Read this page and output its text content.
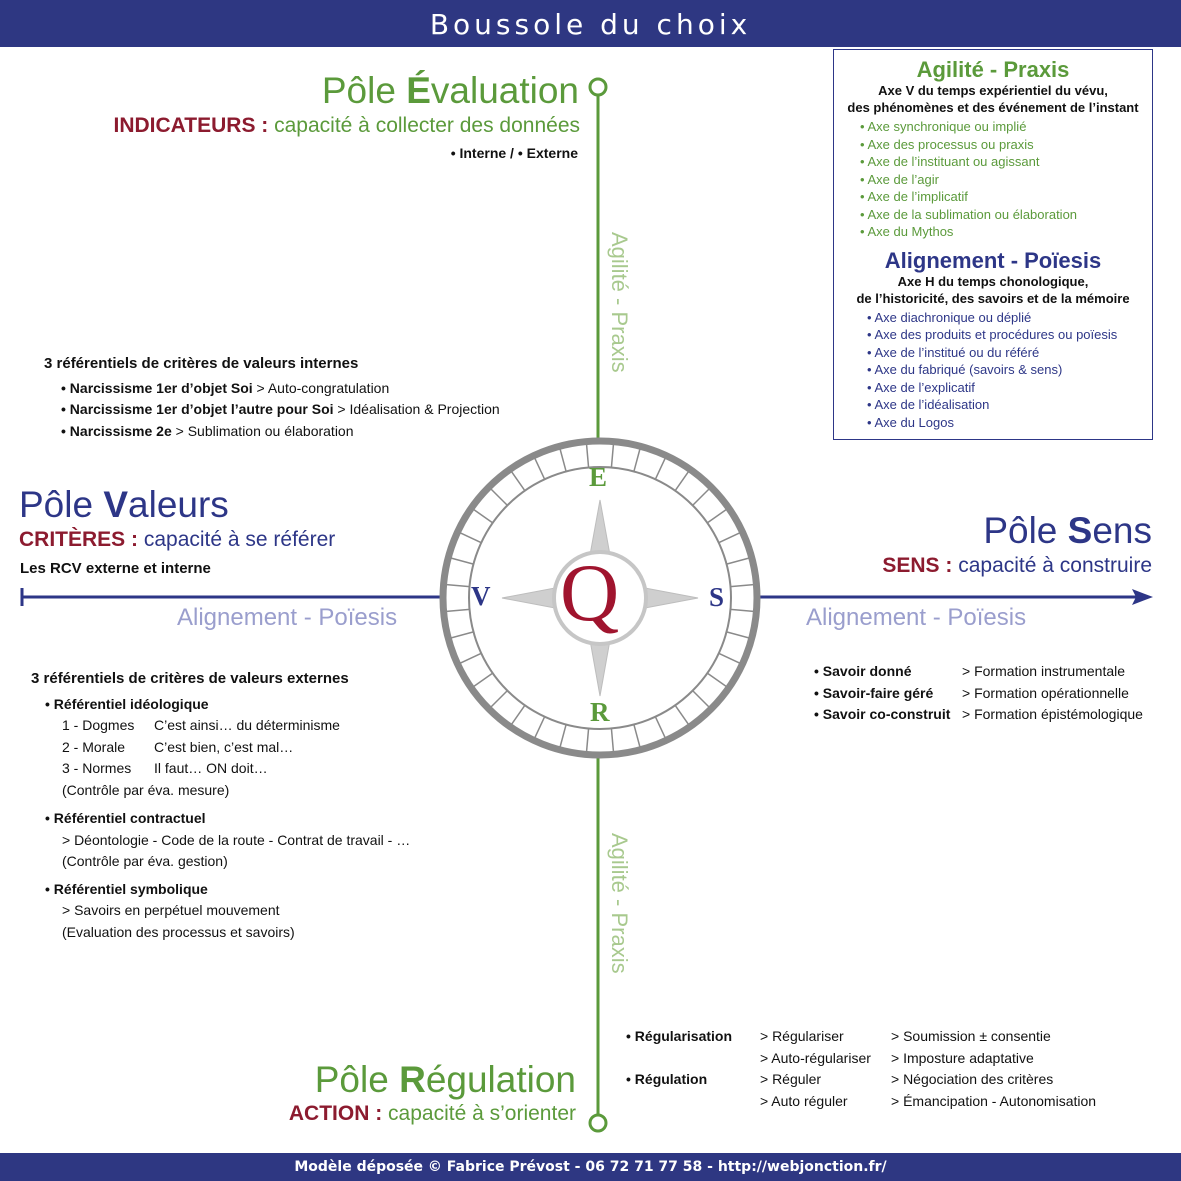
Boussole du choix
Q
E
R
V	S
Pôle Évaluation
INDICATEURS : capacité à collecter des données
• Interne / • Externe
Agilité - Praxis
Agilité - Praxis
Alignement - Poïesis	Alignement - Poïesis
3 référentiels de critères de valeurs internes
• Narcissisme 1er d’objet Soi > Auto-congratulation
• Narcissisme 1er d’objet l’autre pour Soi > Idéalisation & Projection
• Narcissisme 2e > Sublimation ou élaboration
Pôle Valeurs
CRITÈRES : capacité à se référer
Les RCV externe et interne
Pôle Sens
SENS : capacité à construire
• Savoir donné	> Formation instrumentale
• Savoir-faire géré > Formation opérationnelle
• Savoir co-construit > Formation épistémologique
3 référentiels de critères de valeurs externes
• Référentiel idéologique
1 - Dogmes C’est ainsi… du déterminisme
2 - Morale C’est bien, c’est mal…
3 - Normes Il faut… ON doit…
(Contrôle par éva. mesure)
• Référentiel contractuel
> Déontologie - Code de la route - Contrat de travail - …
(Contrôle par éva. gestion)
• Référentiel symbolique
> Savoirs en perpétuel mouvement
(Evaluation des processus et savoirs)
• Régularisation > Régulariser	> Soumission ± consentie
> Auto-régulariser > Imposture adaptative
• Régulation	> Réguler	> Négociation des critères
> Auto réguler	> Émancipation - Autonomisation
Pôle Régulation
ACTION : capacité à s’orienter
Agilité - Praxis
Axe V du temps expérientiel du vévu,
des phénomènes et des événement de l’instant
• Axe synchronique ou implié
• Axe des processus ou praxis
• Axe de l’instituant ou agissant
• Axe de l’agir
• Axe de l’implicatif
• Axe de la sublimation ou élaboration
• Axe du Mythos
Alignement - Poïesis
Axe H du temps chonologique,
de l’historicité, des savoirs et de la mémoire
• Axe diachronique ou déplié
• Axe des produits et procédures ou poïesis
• Axe de l’institué ou du référé
• Axe du fabriqué (savoirs & sens)
• Axe de l’explicatif
• Axe de l’idéalisation
• Axe du Logos
Modèle déposée © Fabrice Prévost - 06 72 71 77 58 - http://webjonction.fr/
